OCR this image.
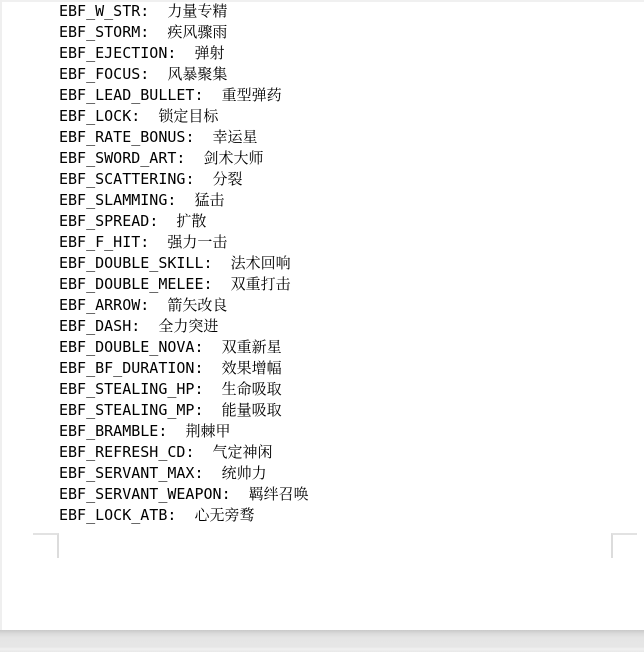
EBF_W_STR:  力量专精
EBF_STORM:  疾风骤雨
EBF_EJECTION:  弹射
EBF_FOCUS:  风暴聚集
EBF_LEAD_BULLET:  重型弹药
EBF_LOCK:  锁定目标
EBF_RATE_BONUS:  幸运星
EBF_SWORD_ART:  剑术大师
EBF_SCATTERING:  分裂
EBF_SLAMMING:  猛击
EBF_SPREAD:  扩散
EBF_F_HIT:  强力一击
EBF_DOUBLE_SKILL:  法术回响
EBF_DOUBLE_MELEE:  双重打击
EBF_ARROW:  箭矢改良
EBF_DASH:  全力突进
EBF_DOUBLE_NOVA:  双重新星
EBF_BF_DURATION:  效果增幅
EBF_STEALING_HP:  生命吸取
EBF_STEALING_MP:  能量吸取
EBF_BRAMBLE:  荆棘甲
EBF_REFRESH_CD:  气定神闲
EBF_SERVANT_MAX:  统帅力
EBF_SERVANT_WEAPON:  羁绊召唤
EBF_LOCK_ATB:  心无旁骛
